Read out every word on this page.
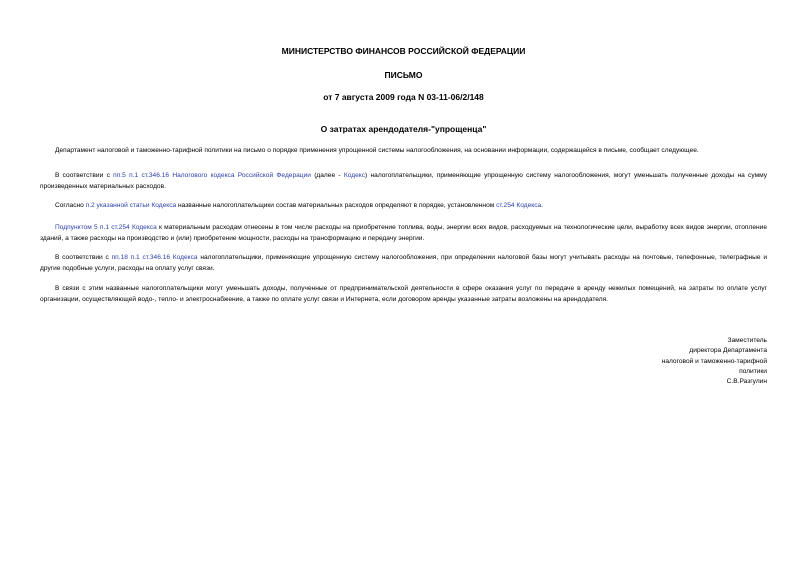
МИНИСТЕРСТВО ФИНАНСОВ РОССИЙСКОЙ ФЕДЕРАЦИИ
ПИСЬМО
от 7 августа 2009 года N 03-11-06/2/148
О затратах арендодателя-"упрощенца"

Департамент налоговой и таможенно-тарифной политики на письмо о порядке применения упрощенной системы налогообложения, на основании информации, содержащейся в письме, сообщает следующее.

В соответствии с пп.5 п.1 ст.346.16 Налогового кодекса Российской Федерации (далее - Кодекс) налогоплательщики, применяющие упрощенную систему налогообложения, могут уменьшать полученные доходы на сумму произведенных материальных расходов.

Согласно п.2 указанной статьи Кодекса названные налогоплательщики состав материальных расходов определяют в порядке, установленном ст.254 Кодекса.

Подпунктом 5 п.1 ст.254 Кодекса к материальным расходам отнесены в том числе расходы на приобретение топлива, воды, энергии всех видов, расходуемых на технологические цели, выработку всех видов энергии, отопление зданий, а также расходы на производство и (или) приобретение мощности, расходы на трансформацию и передачу энергии.

В соответствии с пп.18 п.1 ст.346.16 Кодекса налогоплательщики, применяющие упрощенную систему налогообложения, при определении налоговой базы могут учитывать расходы на почтовые, телефонные, телеграфные и другие подобные услуги, расходы на оплату услуг связи.

В связи с этим названные налогоплательщики могут уменьшать доходы, полученные от предпринимательской деятельности в сфере оказания услуг по передаче в аренду нежилых помещений, на затраты по оплате услуг организации, осуществляющей водо-, тепло- и электроснабжение, а также по оплате услуг связи и Интернета, если договором аренды указанные затраты возложены на арендодателя.

Заместитель
директора Департамента
налоговой и таможенно-тарифной
политики
С.В.Разгулин
